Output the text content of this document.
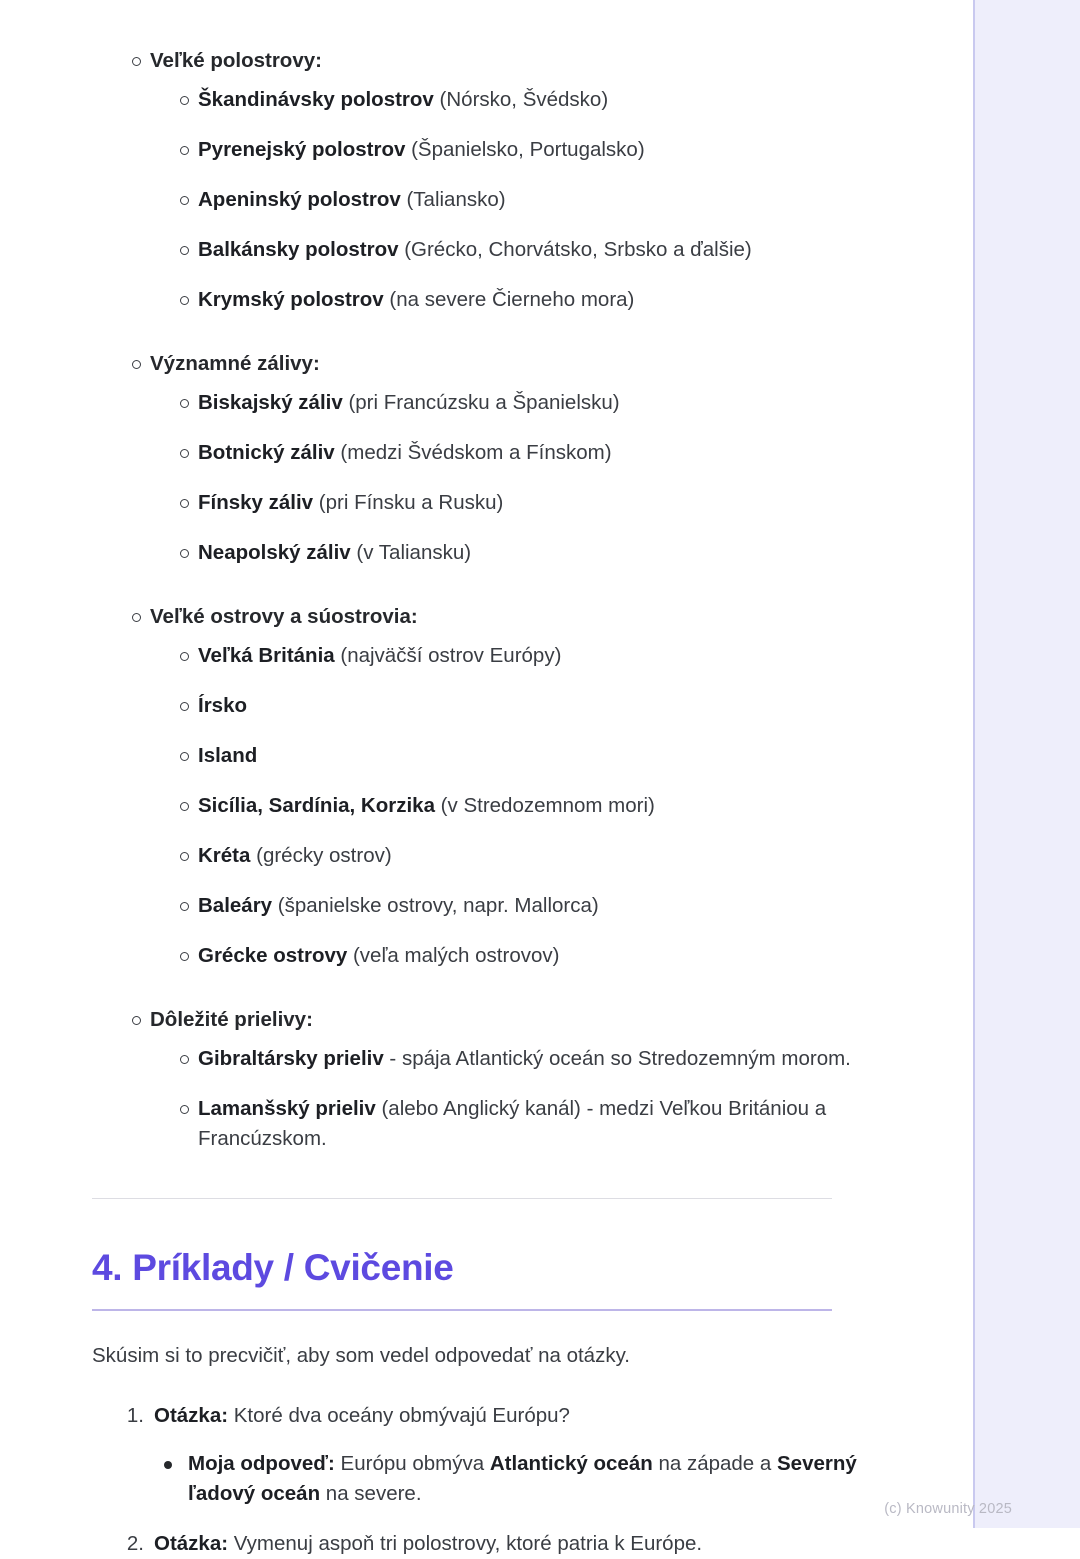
Veľké polostrovy:
Škandinávsky polostrov (Nórsko, Švédsko)
Pyrenejský polostrov (Španielsko, Portugalsko)
Apeninský polostrov (Taliansko)
Balkánsky polostrov (Grécko, Chorvátsko, Srbsko a ďalšie)
Krymský polostrov (na severe Čierneho mora)
Významné zálivy:
Biskajský záliv (pri Francúzsku a Španielsku)
Botnický záliv (medzi Švédskom a Fínskom)
Fínsky záliv (pri Fínsku a Rusku)
Neapolský záliv (v Taliansku)
Veľké ostrovy a súostrovia:
Veľká Británia (najväčší ostrov Európy)
Írsko
Island
Sicília, Sardínia, Korzika (v Stredozemnom mori)
Kréta (grécky ostrov)
Baleáry (španielske ostrovy, napr. Mallorca)
Grécke ostrovy (veľa malých ostrovov)
Dôležité prielivy:
Gibraltársky prieliv - spája Atlantický oceán so Stredozemným morom.
Lamanšský prieliv (alebo Anglický kanál) - medzi Veľkou Britániou a Francúzskom.
4. Príklady / Cvičenie

Skúsim si to precvičiť, aby som vedel odpovedať na otázky.

Otázka: Ktoré dva oceány obmývajú Európu?
Moja odpoveď: Európu obmýva Atlantický oceán na západe a Severný ľadový oceán na severe.
Otázka: Vymenuj aspoň tri polostrovy, ktoré patria k Európe.
(c) Knowunity 2025
